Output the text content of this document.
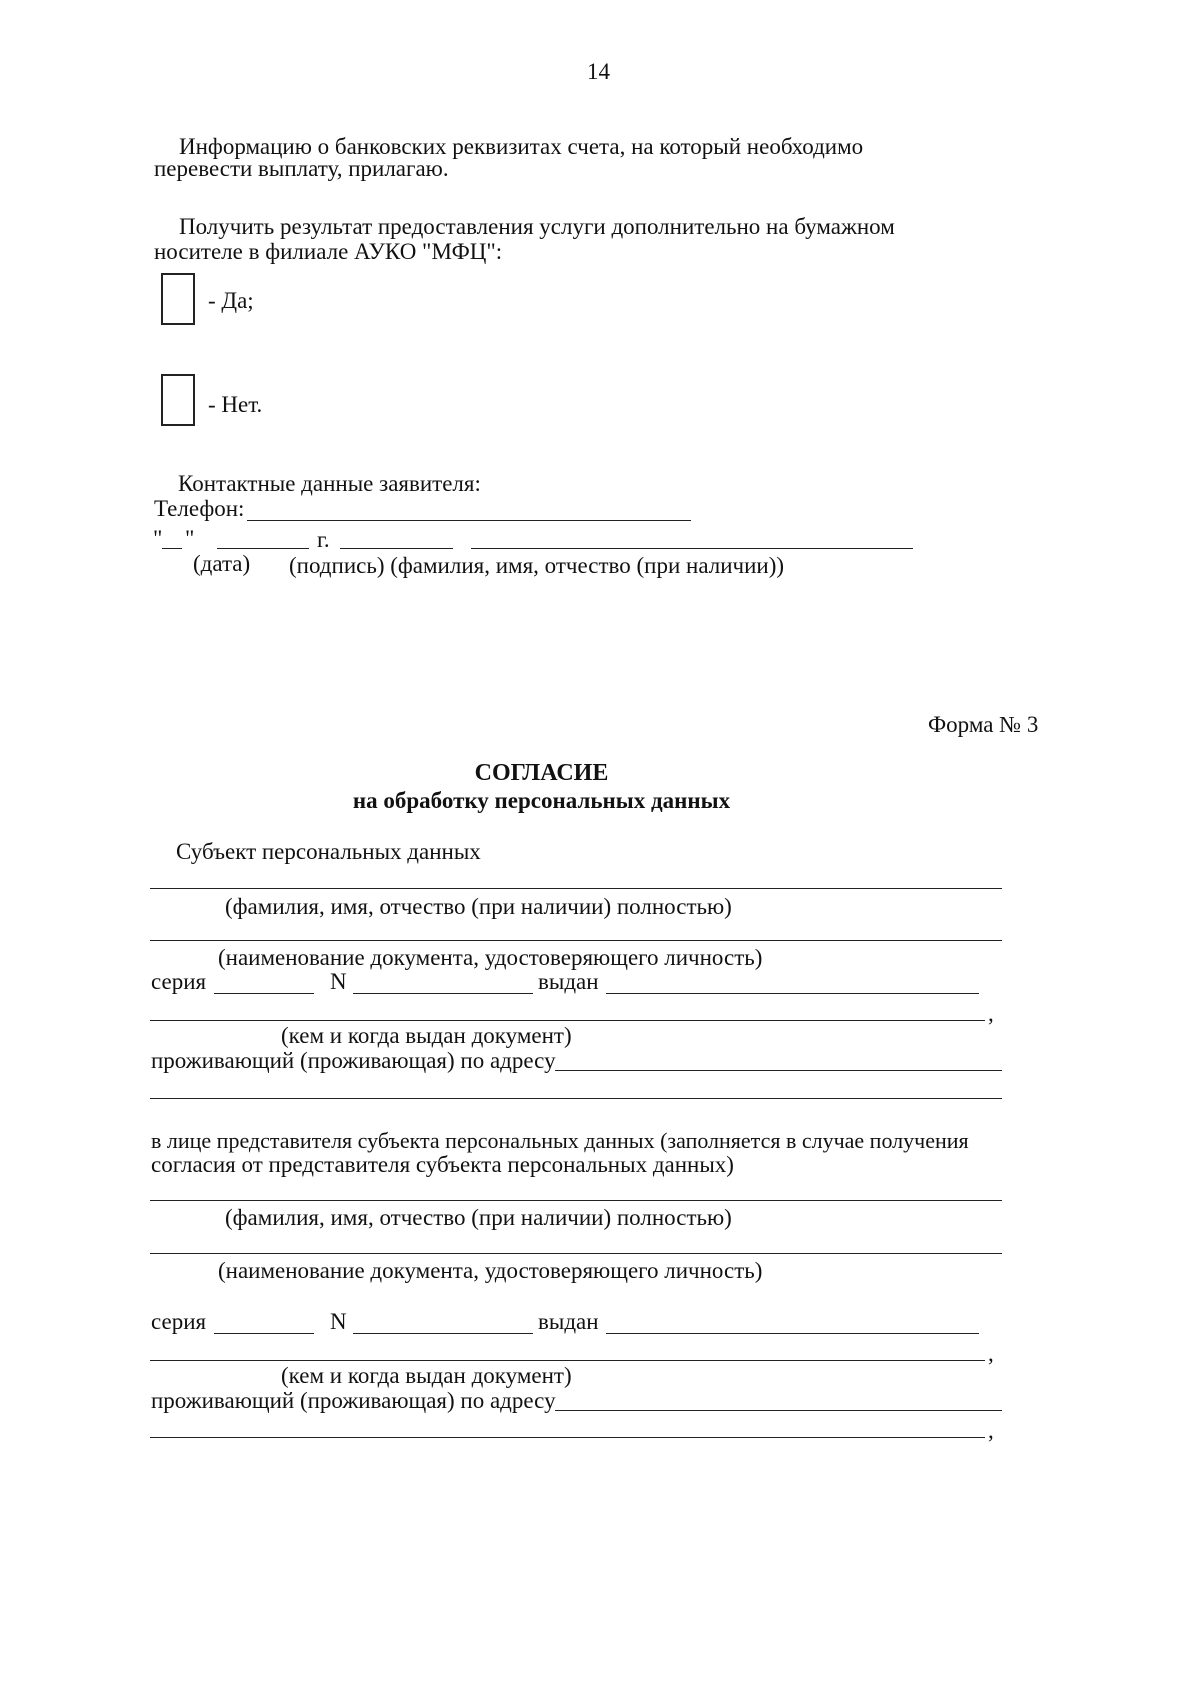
14
Информацию о банковских реквизитах счета, на который необходимо
перевести выплату, прилагаю.
Получить результат предоставления услуги дополнительно на бумажном
носителе в филиале АУКО "МФЦ":
- Да;
- Нет.
Контактные данные заявителя:
Телефон:
" "	г.
(дата) (подпись) (фамилия, имя, отчество (при наличии))
Форма № 3
СОГЛАСИЕ
на обработку персональных данных
Субъект персональных данных
(фамилия, имя, отчество (при наличии) полностью)
(наименование документа, удостоверяющего личность)
серия	N	выдан
,
(кем и когда выдан документ)
проживающий (проживающая) по адресу
в лице представителя субъекта персональных данных (заполняется в случае получения
согласия от представителя субъекта персональных данных)
(фамилия, имя, отчество (при наличии) полностью)
(наименование документа, удостоверяющего личность)
серия	N	выдан
,
(кем и когда выдан документ)
проживающий (проживающая) по адресу
,
